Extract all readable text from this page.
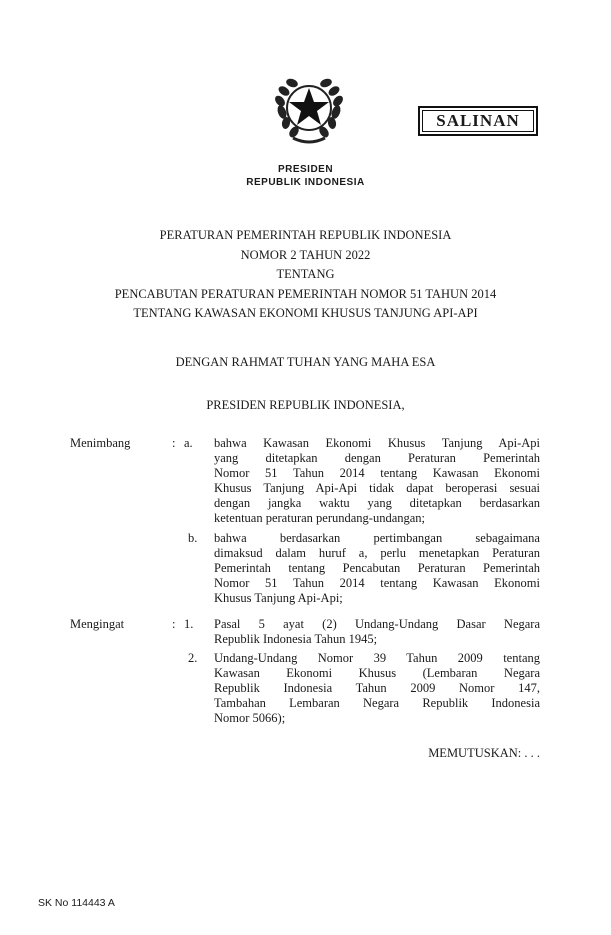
SALINAN
PRESIDEN
REPUBLIK INDONESIA
PERATURAN PEMERINTAH REPUBLIK INDONESIA
NOMOR 2 TAHUN 2022
TENTANG
PENCABUTAN PERATURAN PEMERINTAH NOMOR 51 TAHUN 2014
TENTANG KAWASAN EKONOMI KHUSUS TANJUNG API-API
DENGAN RAHMAT TUHAN YANG MAHA ESA
PRESIDEN REPUBLIK INDONESIA,
Menimbang	: a. bahwa Kawasan Ekonomi Khusus Tanjung Api-Api
yang ditetapkan dengan Peraturan Pemerintah
Nomor 51 Tahun 2014 tentang Kawasan Ekonomi
Khusus Tanjung Api-Api tidak dapat beroperasi sesuai
dengan jangka waktu yang ditetapkan berdasarkan
ketentuan peraturan perundang-undangan;
b. bahwa berdasarkan pertimbangan sebagaimana
dimaksud dalam huruf a, perlu menetapkan Peraturan
Pemerintah tentang Pencabutan Peraturan Pemerintah
Nomor 51 Tahun 2014 tentang Kawasan Ekonomi
Khusus Tanjung Api-Api;
Mengingat	: 1. Pasal 5 ayat (2) Undang-Undang Dasar Negara
Republik Indonesia Tahun 1945;
2. Undang-Undang Nomor 39 Tahun 2009 tentang
Kawasan Ekonomi Khusus (Lembaran Negara
Republik Indonesia Tahun 2009 Nomor 147,
Tambahan Lembaran Negara Republik Indonesia
Nomor 5066);
MEMUTUSKAN: . . .
SK No 114443 A
